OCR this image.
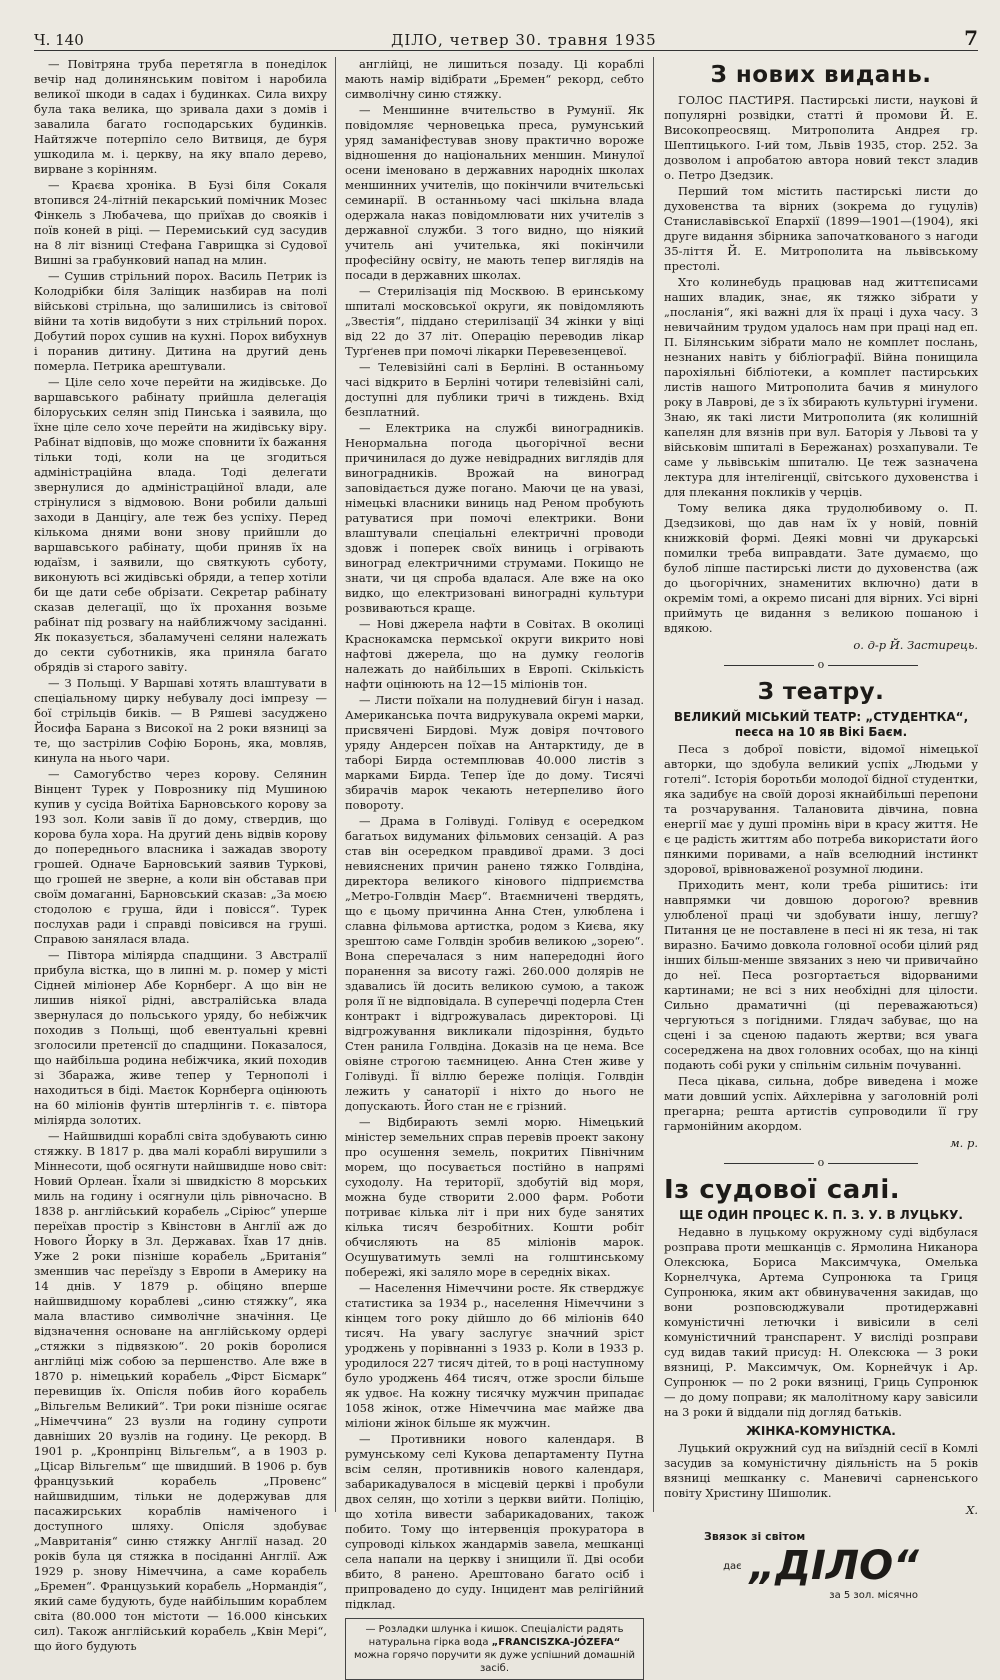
Ч. 140	ДІЛО, четвер 30. травня 1935	7

— Повітряна труба перетягла в понеділок вечір над долинянським повітом і наробила великої шкоди в садах і будинках. Сила вихру була така велика, що зривала дахи з домів і завалила багато господарських будинків. Найтяжче потерпіло село Витвиця, де буря ушкодила м. і. церкву, на яку впало дерево, вирване з корінням.

— Краєва хроніка. В Бузі біля Сокаля втопився 24-літній пекарський помічник Мозес Фінкель з Любачева, що приїхав до свояків і поїв коней в ріці. — Перемиський суд засудив на 8 літ візниці Стефана Гаврищка зі Судової Вишні за грабунковий напад на млин.

— Сушив стрільний порох. Василь Петрик із Колодрібки біля Заліщик назбирав на полі військові стрільна, що залишились із світової війни та хотів видобути з них стрільний порох. Добутий порох сушив на кухні. Порох вибухнув і поранив дитину. Дитина на другий день померла. Петрика арештували.

— Ціле село хоче перейти на жидівське. До варшавського рабінату прийшла делегація білоруських селян зпід Пинська і заявила, що їхне ціле село хоче перейти на жидівську віру. Рабінат відповів, що може сповнити їх бажання тільки тоді, коли на це згодиться адміністраційна влада. Тоді делегати звернулися до адміністраційної влади, але стрінулися з відмовою. Вони робили дальші заходи в Данцігу, але теж без успіху. Перед кількома днями вони знову прийшли до варшавського рабінату, щоби приняв їх на юдаїзм, і заявили, що святкують суботу, виконують всі жидівські обряди, а тепер хотіли би ще дати себе обрізати. Секретар рабінату сказав делегації, що їх прохання возьме рабінат під розвагу на найближчому засіданні. Як показується, збаламучені селяни належать до секти суботників, яка приняла багато обрядів зі старого завіту.

— З Польщі. У Варшаві хотять влаштувати в спеціальному цирку небувалу досі імпрезу — бої стрільців биків. — В Ряшеві засуджено Йосифа Барана з Високої на 2 роки вязниці за те, що застрілив Софію Боронь, яка, мовляв, кинула на нього чари.

— Самогубство через корову. Селянин Вінцент Турек у Поврознику під Мушиною купив у сусіда Войтіха Барновського корову за 193 зол. Коли завів її до дому, ствердив, що корова була хора. На другий день відвів корову до попереднього власника і зажадав звороту грошей. Одначе Барновський заявив Туркові, що грошей не зверне, а коли він обставав при своїм домаганні, Барновський сказав: „За моєю стодолою є груша, йди і повісся“. Турек послухав ради і справді повісився на груші. Справою занялася влада.

— Півтора міліярда спадщини. З Австралії прибула вістка, що в липні м. р. помер у місті Сідней міліонер Абе Корнберг. А що він не лишив ніякої рідні, австралійська влада звернулася до польського уряду, бо небіжчик походив з Польщі, щоб евентуальні кревні зголосили претенсії до спадщини. Показалося, що найбільша родина небіжчика, який походив зі Збаража, живе тепер у Тернополі і находиться в біді. Маєток Корнберга оцінюють на 60 міліонів фунтів штерлінгів т. є. півтора міліярда золотих.

— Найшвидші кораблі світа здобувають синю стяжку. В 1817 р. два малі кораблі вирушили з Міннесоти, щоб осягнути найшвидше ново світ: Новий Орлеан. Їхали зі швидкістю 8 морських миль на годину і осягнули ціль рівночасно. В 1838 р. англійський корабель „Сіріюс“ уперше переїхав простір з Квінстовн в Англії аж до Нового Йорку в Зл. Державах. Їхав 17 днів. Уже 2 роки пізніше корабель „Британія“ зменшив час переїзду з Европи в Америку на 14 днів. У 1879 р. обіцяно вперше найшвидшому кораблеві „синю стяжку“, яка мала властиво символічне значіння. Це відзначення основане на англійському ордері „стяжки з підвязкою“. 20 років боролися англійці між собою за першенство. Але вже в 1870 р. німецький корабель „Фірст Бісмарк“ перевищив їх. Опісля побив його корабель „Вільгельм Великий“. Три роки пізніше осягає „Німеччина“ 23 вузли на годину супроти давніших 20 вузлів на годину. Це рекорд. В 1901 р. „Кронпрінц Вільгельм“, а в 1903 р. „Цісар Вільгельм“ ще швидший. В 1906 р. був французький корабель „Провенс“ найшвидшим, тільки не додержував для пасажирських кораблів наміченого і доступного шляху. Опісля здобуває „Мавританія“ синю стяжку Англії назад. 20 років була ця стяжка в посіданні Англії. Аж 1929 р. знову Німеччина, а саме корабель „Бремен“. Французький корабель „Нормандія“, який саме будують, буде найбільшим кораблем світа (80.000 тон містоти — 16.000 кінських сил). Також англійський корабель „Квін Мері“, що його будують

англійці, не лишиться позаду. Ці кораблі мають намір відібрати „Бремен“ рекорд, себто символічну синю стяжку.

— Меншинне вчительство в Румунії. Як повідомляє черновецька преса, румунський уряд заманіфестував знову практично вороже відношення до національних меншин. Минулої осени іменовано в державних народніх школах меншинних учителів, що покінчили вчительські семинарії. В останньому часі шкільна влада одержала наказ повідомлювати них учителів з державної служби. З того видно, що ніякий учитель ані учителька, які покінчили професійну освіту, не мають тепер виглядів на посади в державних школах.

— Стерилізація під Москвою. В еринському шпиталі московської округи, як повідомляють „Звестія“, піддано стерилізації 34 жінки у віці від 22 до 37 літ. Операцію переводив лікар Турґенев при помочі лікарки Перевезенцевої.

— Телевізійні салі в Берліні. В останньому часі відкрито в Берліні чотири телевізійні салі, доступні для публики тричі в тиждень. Вхід безплатний.

— Електрика на службі виноградників. Ненормальна погода цьогорічної весни причинилася до дуже невідрадних виглядів для виноградників. Врожай на виноград заповідається дуже погано. Маючи це на увазі, німецькі власники виниць над Реном пробують ратуватися при помочі електрики. Вони влаштували спеціальні електричні проводи здовж і поперек своїх виниць і огрівають виноград електричними струмами. Покищо не знати, чи ця спроба вдалася. Але вже на око видко, що електризовані виноградні культури розвиваються краще.

— Нові джерела нафти в Совітах. В околиці Краснокамска пермської округи викрито нові нафтові джерела, що на думку геологів належать до найбільших в Европі. Скількість нафти оцінюють на 12—15 міліонів тон.

— Листи поїхали на полудневий бігун і назад. Американська почта видрукувала окремі марки, присвячені Бирдові. Муж довіря почтового уряду Андерсен поїхав на Антарктиду, де в таборі Бирда остемплював 40.000 листів з марками Бирда. Тепер їде до дому. Тисячі збирачів марок чекають нетерпеливо його повороту.

— Драма в Голівуді. Голівуд є осередком багатьох видуманих фільмових сензацій. А раз став він осередком правдивої драми. З досі невияснених причин ранено тяжко Голвдіна, директора великого кінового підприємства „Метро-Голвдін Маєр“. Втаємничені твердять, що є цьому причинна Анна Стен, улюблена і славна фільмова артистка, родом з Києва, яку зрештою саме Голвдін зробив великою „зорею“. Вона сперечалася з ним напередодні його поранення за висоту гажі. 260.000 долярів не здавались їй досить великою сумою, а також роля її не відповідала. В суперечці подерла Стен контракт і відгрожувалась директорові. Ці відгрожування викликали підозріння, будьто Стен ранила Голвдіна. Доказів на це нема. Все овіяне строгою таємницею. Анна Стен живе у Голівуді. Її віллю береже поліція. Голвдін лежить у санаторії і ніхто до нього не допускають. Його стан не є грізний.

— Відбирають землі морю. Німецький міністер земельних справ перевів проект закону про осушення земель, покритих Північним морем, що посувається постійно в напрямі суходолу. На території, здобутій від моря, можна буде створити 2.000 фарм. Роботи потриває кілька літ і при них буде занятих кілька тисяч безробітних. Кошти робіт обчисляють на 85 міліонів марок. Осушуватимуть землі на голштинському побережі, які заляло море в середніх віках.

— Населення Німеччини росте. Як стверджує статистика за 1934 р., населення Німеччини з кінцем того року дійшло до 66 міліонів 640 тисяч. На увагу заслугує значний зріст уроджень у порівнанні з 1933 р. Коли в 1933 р. уродилося 227 тисяч дітей, то в році наступному було уроджень 464 тисяч, отже зросли більше як удвоє. На кожну тисячку мужчин припадає 1058 жінок, отже Німеччина має майже два міліони жінок більше як мужчин.

— Противники нового календаря. В румунському селі Кукова департаменту Путна всім селян, противників нового календаря, забарикадувалося в місцевій церкві і пробули двох селян, що хотіли з церкви вийти. Поліцію, що хотіла вивести забарикадованих, також побито. Тому що інтервенція прокуратора в супроводі кількох жандармів завела, мешканці села напали на церкву і знищили її. Дві особи вбито, 8 ранено. Арештовано багато осіб і припровадено до суду. Інцидент мав релігійний підклад.

— Розладки шлунка і кишок. Спеціалісти радять натуральна гірка вода „FRANCISZKA-JÓZEFA“ можна горячо поручити як дуже успішний домашній засіб.
З нових видань.

ГОЛОС ПАСТИРЯ. Пастирські листи, наукові й популярні розвідки, статті й промови Й. Е. Високопреосвящ. Митрополита Андрея гр. Шептицького. І-ий том, Львів 1935, стор. 252. За дозволом і апробатою автора новий текст зладив о. Петро Дзедзик.

Перший том містить пастирські листи до духовенства та вірних (зокрема до гуцулів) Станиславівської Епархії (1899—1901—(1904), які друге видання збірника започаткованого з нагоди 35-ліття Й. Е. Митрополита на львівському престолі.

Хто колинебудь працював над життєписами наших владик, знає, як тяжко зібрати у „посланія“, які важні для їх праці і духа часу. З невичайним трудом удалось нам при праці над еп. П. Білянським зібрати мало не комплет послань, незнаних навіть у бібліографії. Війна понищила парохіяльні бібліотеки, а комплет пастирських листів нашого Митрополита бачив я минулого року в Лаврові, де з їх збирають культурні ігумени. Знаю, як такі листи Митрополита (як колишній капелян для вязнів при вул. Баторія у Львові та у військовім шпиталі в Бережанах) розхапували. Те саме у львівськім шпиталю. Це теж зазначена лектура для інтелігенції, світського духовенства і для плекання покликів у черців.

Тому велика дяка трудолюбивому о. П. Дзедзикові, що дав нам їх у новій, повній книжковій формі. Деякі мовні чи друкарські помилки треба виправдати. Зате думаємо, що булоб ліпше пастирські листи до духовенства (аж до цьогорічних, знаменитих включно) дати в окремім томі, а окремо писані для вірних. Усі вірні приймуть це видання з великою пошаною і вдякою.

о. д-р Й. Застирець.
o
З театру.
ВЕЛИКИЙ МІСЬКИЙ ТЕАТР: „СТУДЕНТКА“, пеєса на 10 яв Вікі Баєм.

Песа з доброї повісти, відомої німецької авторки, що здобула великий успіх „Людьми у готелі“. Історія боротьби молодої бідної студентки, яка задибує на своїй дорозі якнайбільші перепони та розчарування. Талановита дівчина, повна енергії має у душі промінь віри в красу життя. Не є це радість життям або потреба використати його пянкими поривами, а наїв вселюдний інстинкт здорової, врівноваженої розумної людини.

Приходить мент, коли треба рішитись: іти навпрямки чи довшою дорогою? вревнив улюбленої праці чи здобувати іншу, легшу? Питання це не поставлене в песі ні як теза, ні так виразно. Бачимо довкола головної особи цілий ряд інших більш-менше звязаних з нею чи привичайно до неї. Песа розгортається відорваними картинами; не всі з них необхідні для цілости. Сильно драматичні (ці переважаються) чергуються з погідними. Глядач забуває, що на сцені і за сценою падають жертви; вся увага сосереджена на двох головних особах, що на кінці подають собі руки у спільнім сильнім почуванні.

Песа цікава, сильна, добре виведена і може мати довший успіх. Айхлерівна у заголовній ролі прегарна; решта артистів супроводили її гру гармонійним акордом.

м. р.
o
Із судової салі.
ЩЕ ОДИН ПРОЦЕС К. П. З. У. В ЛУЦЬКУ.

Недавно в луцькому окружному суді відбулася розправа проти мешканців с. Ярмолина Никанора Олексюка, Бориса Максимчука, Омелька Корнелчука, Артема Супронюка та Гриця Супронюка, яким акт обвинувачення закидав, що вони розповсюджували протидержавні комуністичні летючки і вивісили в селі комуністичний транспарент. У висліді розправи суд видав такий присуд: Н. Олексюка — 3 роки вязниці, Р. Максимчук, Ом. Корнейчук і Ар. Супронюк — по 2 роки вязниці, Гриць Супронюк — до дому поправи; як малолітному кару завісили на 3 роки й віддали під догляд батьків.

ЖІНКА-КОМУНІСТКА.

Луцький окружний суд на виїздній сесії в Комлі засудив за комуністичну діяльність на 5 років вязниці мешканку с. Маневичі сарненського повіту Христину Шишолик.

Х.
Звязок зі світом
дає „ДІЛО“
за 5 зол. місячно
